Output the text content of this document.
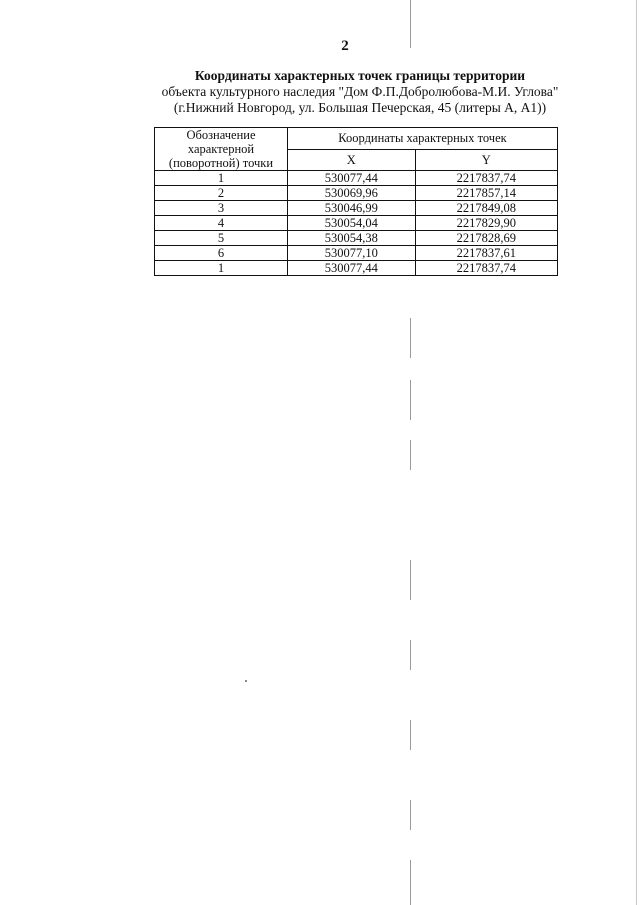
2
Координаты характерных точек границы территории
объекта культурного наследия "Дом Ф.П.Добролюбова-М.И. Углова"
(г.Нижний Новгород, ул. Большая Печерская, 45 (литеры А, А1))
Обозначение характерной (поворотной) точки	Координаты характерных точек	
	X	Y
1	530077,44	2217837,74
2	530069,96	2217857,14
3	530046,99	2217849,08
4	530054,04	2217829,90
5	530054,38	2217828,69
6	530077,10	2217837,61
1	530077,44	2217837,74
